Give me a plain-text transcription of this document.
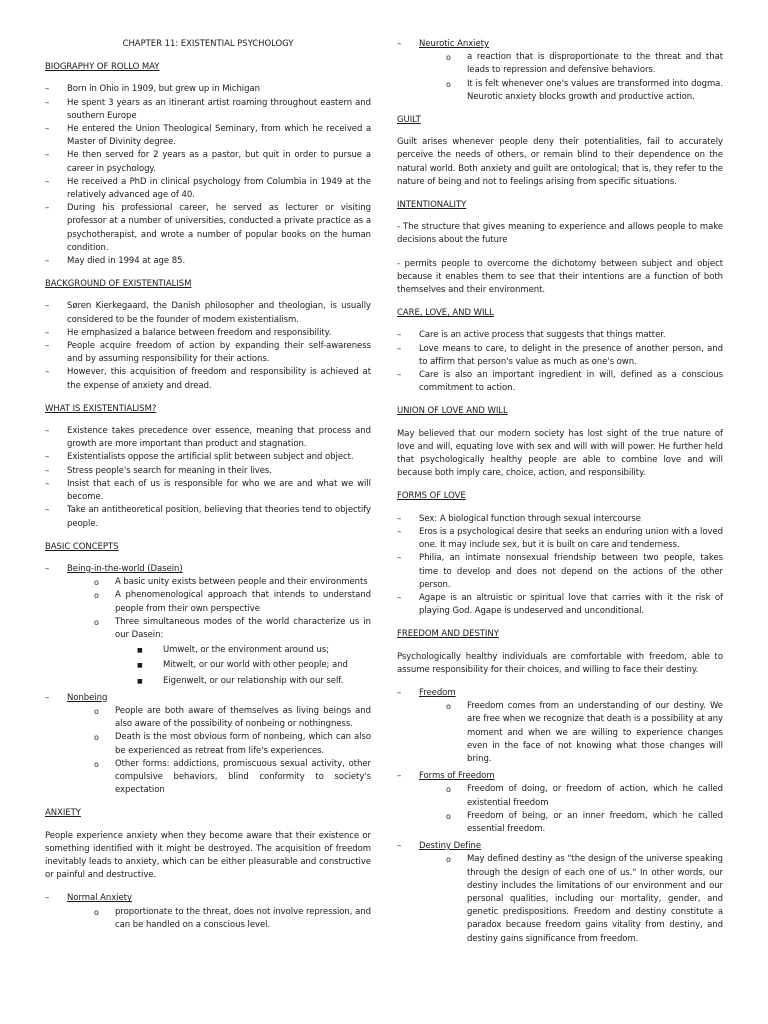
CHAPTER 11: EXISTENTIAL PSYCHOLOGY
BIOGRAPHY OF ROLLO MAY
– Born in Ohio in 1909, but grew up in Michigan
– He spent 3 years as an itinerant artist roaming throughout eastern and southern Europe
– He entered the Union Theological Seminary, from which he received a Master of Divinity degree.
– He then served for 2 years as a pastor, but quit in order to pursue a career in psychology.
– He received a PhD in clinical psychology from Columbia in 1949 at the relatively advanced age of 40.
– During his professional career, he served as lecturer or visiting professor at a number of universities, conducted a private practice as a psychotherapist, and wrote a number of popular books on the human condition.
– May died in 1994 at age 85.
BACKGROUND OF EXISTENTIALISM
– Søren Kierkegaard, the Danish philosopher and theologian, is usually considered to be the founder of modern existentialism.
– He emphasized a balance between freedom and responsibility.
– People acquire freedom of action by expanding their self-awareness and by assuming responsibility for their actions.
– However, this acquisition of freedom and responsibility is achieved at the expense of anxiety and dread.
WHAT IS EXISTENTIALISM?
– Existence takes precedence over essence, meaning that process and growth are more important than product and stagnation.
– Existentialists oppose the artificial split between subject and object.
– Stress people's search for meaning in their lives.
– Insist that each of us is responsible for who we are and what we will become.
– Take an antitheoretical position, believing that theories tend to objectify people.
BASIC CONCEPTS
– Being-in-the-world (Dasein)
o A basic unity exists between people and their environments
o A phenomenological approach that intends to understand people from their own perspective
o Three simultaneous modes of the world characterize us in our Dasein:
■ Umwelt, or the environment around us;
■ Mitwelt, or our world with other people; and
■ Eigenwelt, or our relationship with our self.
– Nonbeing
o People are both aware of themselves as living beings and also aware of the possibility of nonbeing or nothingness.
o Death is the most obvious form of nonbeing, which can also be experienced as retreat from life's experiences.
o Other forms: addictions, promiscuous sexual activity, other compulsive behaviors, blind conformity to society's expectation
ANXIETY

People experience anxiety when they become aware that their existence or something identified with it might be destroyed. The acquisition of freedom inevitably leads to anxiety, which can be either pleasurable and constructive or painful and destructive.

– Normal Anxiety
o proportionate to the threat, does not involve repression, and can be handled on a conscious level.
– Neurotic Anxiety
o a reaction that is disproportionate to the threat and that leads to repression and defensive behaviors.
o It is felt whenever one's values are transformed into dogma. Neurotic anxiety blocks growth and productive action.
GUILT

Guilt arises whenever people deny their potentialities, fail to accurately perceive the needs of others, or remain blind to their dependence on the natural world. Both anxiety and guilt are ontological; that is, they refer to the nature of being and not to feelings arising from specific situations.

INTENTIONALITY

- The structure that gives meaning to experience and allows people to make decisions about the future

- permits people to overcome the dichotomy between subject and object because it enables them to see that their intentions are a function of both themselves and their environment.

CARE, LOVE, AND WILL
– Care is an active process that suggests that things matter.
– Love means to care, to delight in the presence of another person, and to affirm that person's value as much as one's own.
– Care is also an important ingredient in will, defined as a conscious commitment to action.
UNION OF LOVE AND WILL

May believed that our modern society has lost sight of the true nature of love and will, equating love with sex and will with will power. He further held that psychologically healthy people are able to combine love and will because both imply care, choice, action, and responsibility.

FORMS OF LOVE
– Sex: A biological function through sexual intercourse
– Eros is a psychological desire that seeks an enduring union with a loved one. It may include sex, but it is built on care and tenderness.
– Philia, an intimate nonsexual friendship between two people, takes time to develop and does not depend on the actions of the other person.
– Agape is an altruistic or spiritual love that carries with it the risk of playing God. Agape is undeserved and unconditional.
FREEDOM AND DESTINY

Psychologically healthy individuals are comfortable with freedom, able to assume responsibility for their choices, and willing to face their destiny.

– Freedom
o Freedom comes from an understanding of our destiny. We are free when we recognize that death is a possibility at any moment and when we are willing to experience changes even in the face of not knowing what those changes will bring.
– Forms of Freedom
o Freedom of doing, or freedom of action, which he called existential freedom
o Freedom of being, or an inner freedom, which he called essential freedom.
– Destiny Define
o May defined destiny as "the design of the universe speaking through the design of each one of us." In other words, our destiny includes the limitations of our environment and our personal qualities, including our mortality, gender, and genetic predispositions. Freedom and destiny constitute a paradox because freedom gains vitality from destiny, and destiny gains significance from freedom.
